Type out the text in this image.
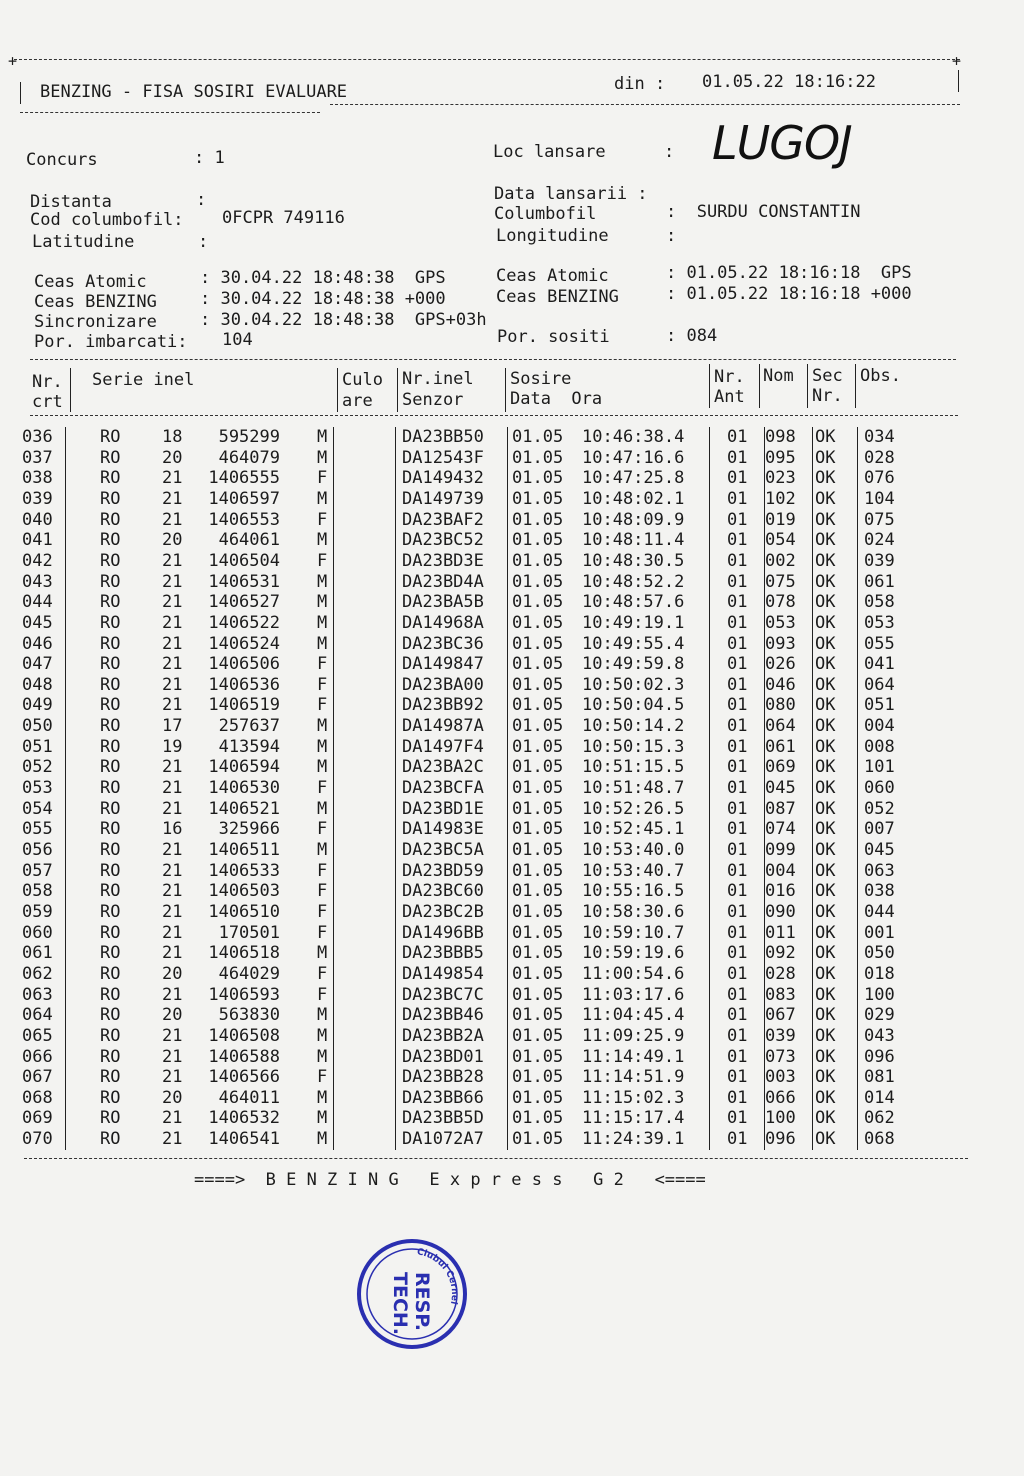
+	+
BENZING - FISA SOSIRI EVALUARE	din : 01.05.22 18:16:22
Concurs	: 1	Loc lansare	: LUGOJ
Distanta	:
Cod columbofil: 0FCPR 749116
Latitudine	:
Data lansarii :
Columbofil	:  SURDU CONSTANTIN
Longitudine	:
Ceas Atomic	: 30.04.22 18:48:38  GPS
Ceas BENZING	: 30.04.22 18:48:38 +000
Sincronizare	: 30.04.22 18:48:38  GPS+03h
Por. imbarcati: 104
Ceas Atomic	: 01.05.22 18:16:18  GPS
Ceas BENZING	: 01.05.22 18:16:18 +000
Por. sositi	: 084
Nr.
crt
Serie inel	Culo
are
Nr.inel
Senzor
Sosire
Data  Ora
Nr.
Ant
Nom Sec
Nr.
Obs.
036	RO 18 595299 M	DA23BB50 01.05 10:46:38.4	01 098 OK 034
037	RO 20 464079 M	DA12543F 01.05 10:47:16.6	01 095 OK 028
038	RO 21 1406555 F	DA149432 01.05 10:47:25.8	01 023 OK 076
039	RO 21 1406597 M	DA149739 01.05 10:48:02.1	01 102 OK 104
040	RO 21 1406553 F	DA23BAF2 01.05 10:48:09.9	01 019 OK 075
041	RO 20 464061 M	DA23BC52 01.05 10:48:11.4	01 054 OK 024
042	RO 21 1406504 F	DA23BD3E 01.05 10:48:30.5	01 002 OK 039
043	RO 21 1406531 M	DA23BD4A 01.05 10:48:52.2	01 075 OK 061
044	RO 21 1406527 M	DA23BA5B 01.05 10:48:57.6	01 078 OK 058
045	RO 21 1406522 M	DA14968A 01.05 10:49:19.1	01 053 OK 053
046	RO 21 1406524 M	DA23BC36 01.05 10:49:55.4	01 093 OK 055
047	RO 21 1406506 F	DA149847 01.05 10:49:59.8	01 026 OK 041
048	RO 21 1406536 F	DA23BA00 01.05 10:50:02.3	01 046 OK 064
049	RO 21 1406519 F	DA23BB92 01.05 10:50:04.5	01 080 OK 051
050	RO 17 257637 M	DA14987A 01.05 10:50:14.2	01 064 OK 004
051	RO 19 413594 M	DA1497F4 01.05 10:50:15.3	01 061 OK 008
052	RO 21 1406594 M	DA23BA2C 01.05 10:51:15.5	01 069 OK 101
053	RO 21 1406530 F	DA23BCFA 01.05 10:51:48.7	01 045 OK 060
054	RO 21 1406521 M	DA23BD1E 01.05 10:52:26.5	01 087 OK 052
055	RO 16 325966 F	DA14983E 01.05 10:52:45.1	01 074 OK 007
056	RO 21 1406511 M	DA23BC5A 01.05 10:53:40.0	01 099 OK 045
057	RO 21 1406533 F	DA23BD59 01.05 10:53:40.7	01 004 OK 063
058	RO 21 1406503 F	DA23BC60 01.05 10:55:16.5	01 016 OK 038
059	RO 21 1406510 F	DA23BC2B 01.05 10:58:30.6	01 090 OK 044
060	RO 21 170501 F	DA1496BB 01.05 10:59:10.7	01 011 OK 001
061	RO 21 1406518 M	DA23BBB5 01.05 10:59:19.6	01 092 OK 050
062	RO 20 464029 F	DA149854 01.05 11:00:54.6	01 028 OK 018
063	RO 21 1406593 F	DA23BC7C 01.05 11:03:17.6	01 083 OK 100
064	RO 20 563830 M	DA23BB46 01.05 11:04:45.4	01 067 OK 029
065	RO 21 1406508 M	DA23BB2A 01.05 11:09:25.9	01 039 OK 043
066	RO 21 1406588 M	DA23BD01 01.05 11:14:49.1	01 073 OK 096
067	RO 21 1406566 F	DA23BB28 01.05 11:14:51.9	01 003 OK 081
068	RO 20 464011 M	DA23BB66 01.05 11:15:02.3	01 066 OK 014
069	RO 21 1406532 M	DA23BB5D 01.05 11:15:17.4	01 100 OK 062
070	RO 21 1406541 M	DA1072A7 01.05 11:24:39.1	01 096 OK 068
====>  B E N Z I N G   E x p r e s s   G 2   <====
RESP.
TECH.
Clubul Cernei
